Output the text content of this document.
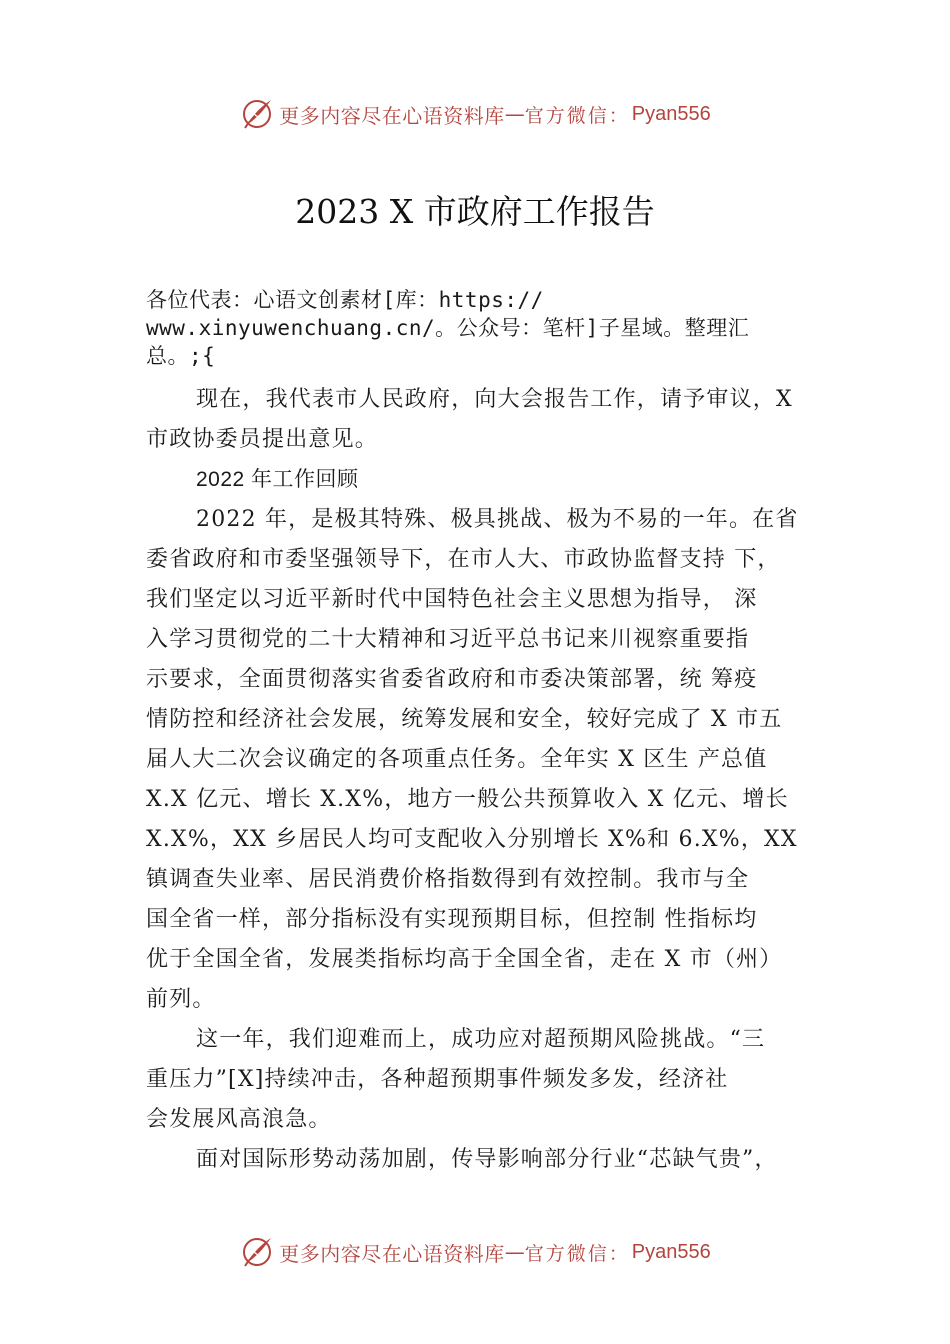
更多内容尽在心语资料库 — 官方微信： Pyan556
2023 X 市政府工作报告
各位代表：心语文创素材[库：https://
www.xinyuwenchuang.cn/。公众号：笔杆]子星域。整理汇
总。;{
现在，我代表市人民政府，向大会报告工作，请予审议，X
市政协委员提出意见。
2022 年工作回顾
2022 年，是极其特殊、极具挑战、极为不易的一年。在省
委省政府和市委坚强领导下，在市人大、市政协监督支持 下，
我们坚定以习近平新时代中国特色社会主义思想为指导， 深
入学习贯彻党的二十大精神和习近平总书记来川视察重要指
示要求，全面贯彻落实省委省政府和市委决策部署，统 筹疫
情防控和经济社会发展，统筹发展和安全，较好完成了 X 市五
届人大二次会议确定的各项重点任务。全年实 X 区生 产总值
X.X 亿元、增长 X.X%，地方一般公共预算收入 X 亿元、增长
X.X%，XX 乡居民人均可支配收入分别增长 X%和 6.X%，XX
镇调查失业率、居民消费价格指数得到有效控制。我市与全
国全省一样，部分指标没有实现预期目标，但控制 性指标均
优于全国全省，发展类指标均高于全国全省，走在 X 市（州）
前列。
这一年，我们迎难而上，成功应对超预期风险挑战。“三
重压力”[X]持续冲击，各种超预期事件频发多发，经济社
会发展风高浪急。
面对国际形势动荡加剧，传导影响部分行业“芯缺气贵”，
更多内容尽在心语资料库 — 官方微信： Pyan556
